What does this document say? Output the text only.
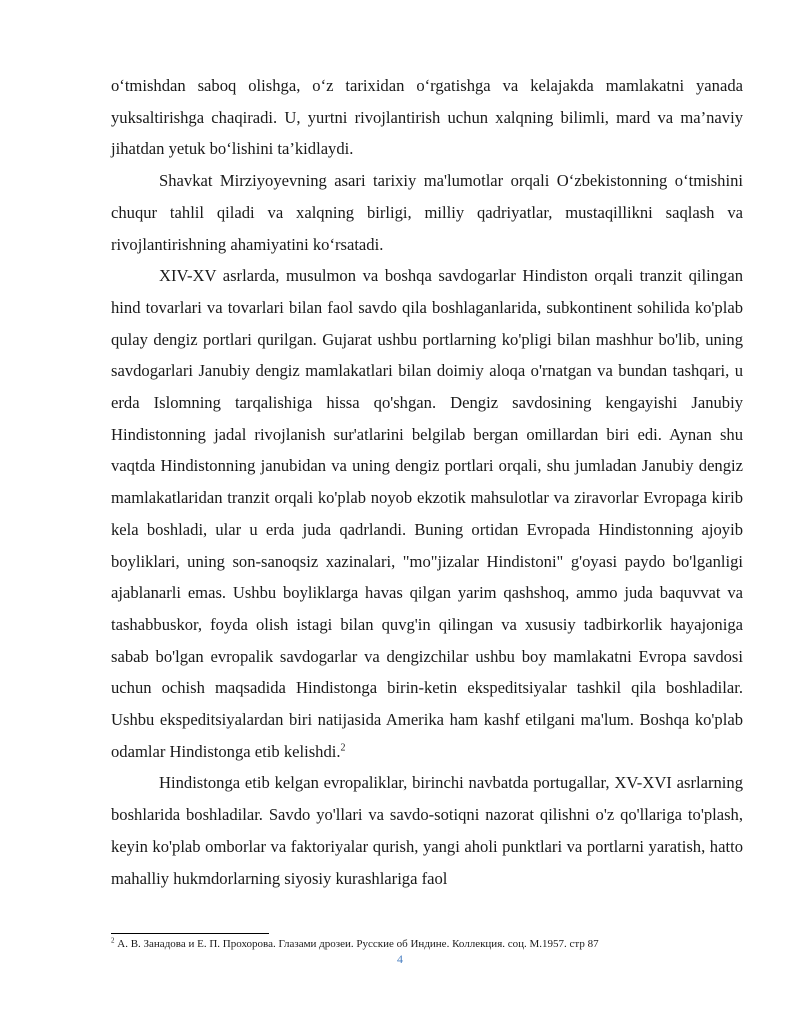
o‘tmishdan saboq olishga, o‘z tarixidan o‘rgatishga va kelajakda mamlakatni yanada yuksaltirishga chaqiradi. U, yurtni rivojlantirish uchun xalqning bilimli, mard va ma’naviy jihatdan yetuk bo‘lishini ta’kidlaydi.

Shavkat Mirziyoyevning asari tarixiy ma'lumotlar orqali O‘zbekistonning o‘tmishini chuqur tahlil qiladi va xalqning birligi, milliy qadriyatlar, mustaqillikni saqlash va rivojlantirishning ahamiyatini ko‘rsatadi.

XIV-XV asrlarda, musulmon va boshqa savdogarlar Hindiston orqali tranzit qilingan hind tovarlari va tovarlari bilan faol savdo qila boshlaganlarida, subkontinent sohilida ko'plab qulay dengiz portlari qurilgan. Gujarat ushbu portlarning ko'pligi bilan mashhur bo'lib, uning savdogarlari Janubiy dengiz mamlakatlari bilan doimiy aloqa o'rnatgan va bundan tashqari, u erda Islomning tarqalishiga hissa qo'shgan. Dengiz savdosining kengayishi Janubiy Hindistonning jadal rivojlanish sur'atlarini belgilab bergan omillardan biri edi. Aynan shu vaqtda Hindistonning janubidan va uning dengiz portlari orqali, shu jumladan Janubiy dengiz mamlakatlaridan tranzit orqali ko'plab noyob ekzotik mahsulotlar va ziravorlar Evropaga kirib kela boshladi, ular u erda juda qadrlandi. Buning ortidan Evropada Hindistonning ajoyib boyliklari, uning son-sanoqsiz xazinalari, "mo"jizalar Hindistoni" g'oyasi paydo bo'lganligi ajablanarli emas. Ushbu boyliklarga havas qilgan yarim qashshoq, ammo juda baquvvat va tashabbuskor, foyda olish istagi bilan quvg'in qilingan va xususiy tadbirkorlik hayajoniga sabab bo'lgan evropalik savdogarlar va dengizchilar ushbu boy mamlakatni Evropa savdosi uchun ochish maqsadida Hindistonga birin-ketin ekspeditsiyalar tashkil qila boshladilar. Ushbu ekspeditsiyalardan biri natijasida Amerika ham kashf etilgani ma'lum. Boshqa ko'plab odamlar Hindistonga etib kelishdi.$^2$

Hindistonga etib kelgan evropaliklar, birinchi navbatda portugallar, XV-XVI asrlarning boshlarida boshladilar. Savdo yo'llari va savdo-sotiqni nazorat qilishni o'z qo'llariga to'plash, keyin ko'plab omborlar va faktoriyalar qurish, yangi aholi punktlari va portlarni yaratish, hatto mahalliy hukmdorlarning siyosiy kurashlariga faol

$^2$ А. В. Занадова и Е. П. Прохорова. Глазами дрозеи. Русские об Индине. Коллекция. соц. М.1957. стр 87
4
